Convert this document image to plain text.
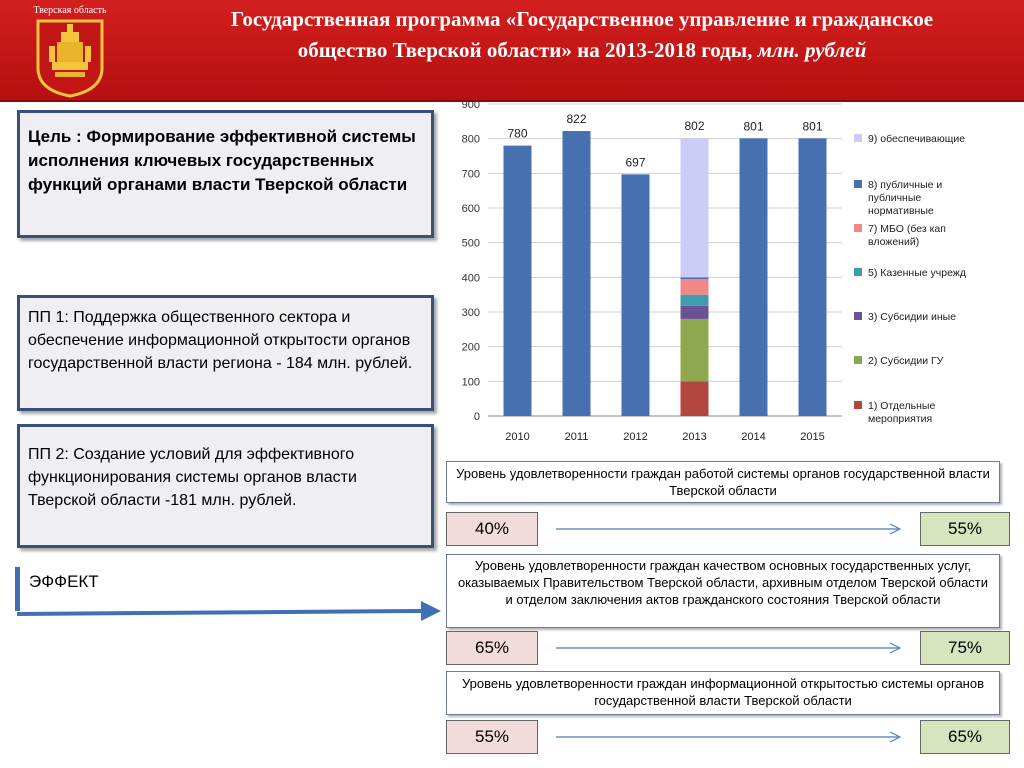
Тверская область	Государственная программа «Государственное управление и гражданское
общество Тверской области» на 2013-2018 годы, млн. рублей
Цель : Формирование эффективной системы исполнения ключевых государственных функций органами власти Тверской области
ПП 1: Поддержка общественного сектора и обеспечение информационной открытости органов государственной власти региона - 184 млн. рублей.
ПП 2: Создание условий для эффективного функционирования системы органов власти Тверской области -181 млн. рублей.
ЭФФЕКТ
0
100
200
300
400
500
600
700
800
900
780
2010
822
2011
697
2012
802
2013
801
2014
801
2015
9) обеспечивающие
8) публичные и публичные нормативные
7) МБО (без кап вложений)
5) Казенные учрежд
3) Субсидии иные
2) Субсидии ГУ
1) Отдельные мероприятия
Уровень удовлетворенности граждан работой системы органов государственной власти Тверской области
40%	55%
Уровень удовлетворенности граждан качеством основных государственных услуг, оказываемых Правительством Тверской области, архивным отделом Тверской области и отделом заключения актов гражданского состояния Тверской области
65%	75%
Уровень удовлетворенности граждан информационной открытостью системы органов государственной власти Тверской области
55%	65%
